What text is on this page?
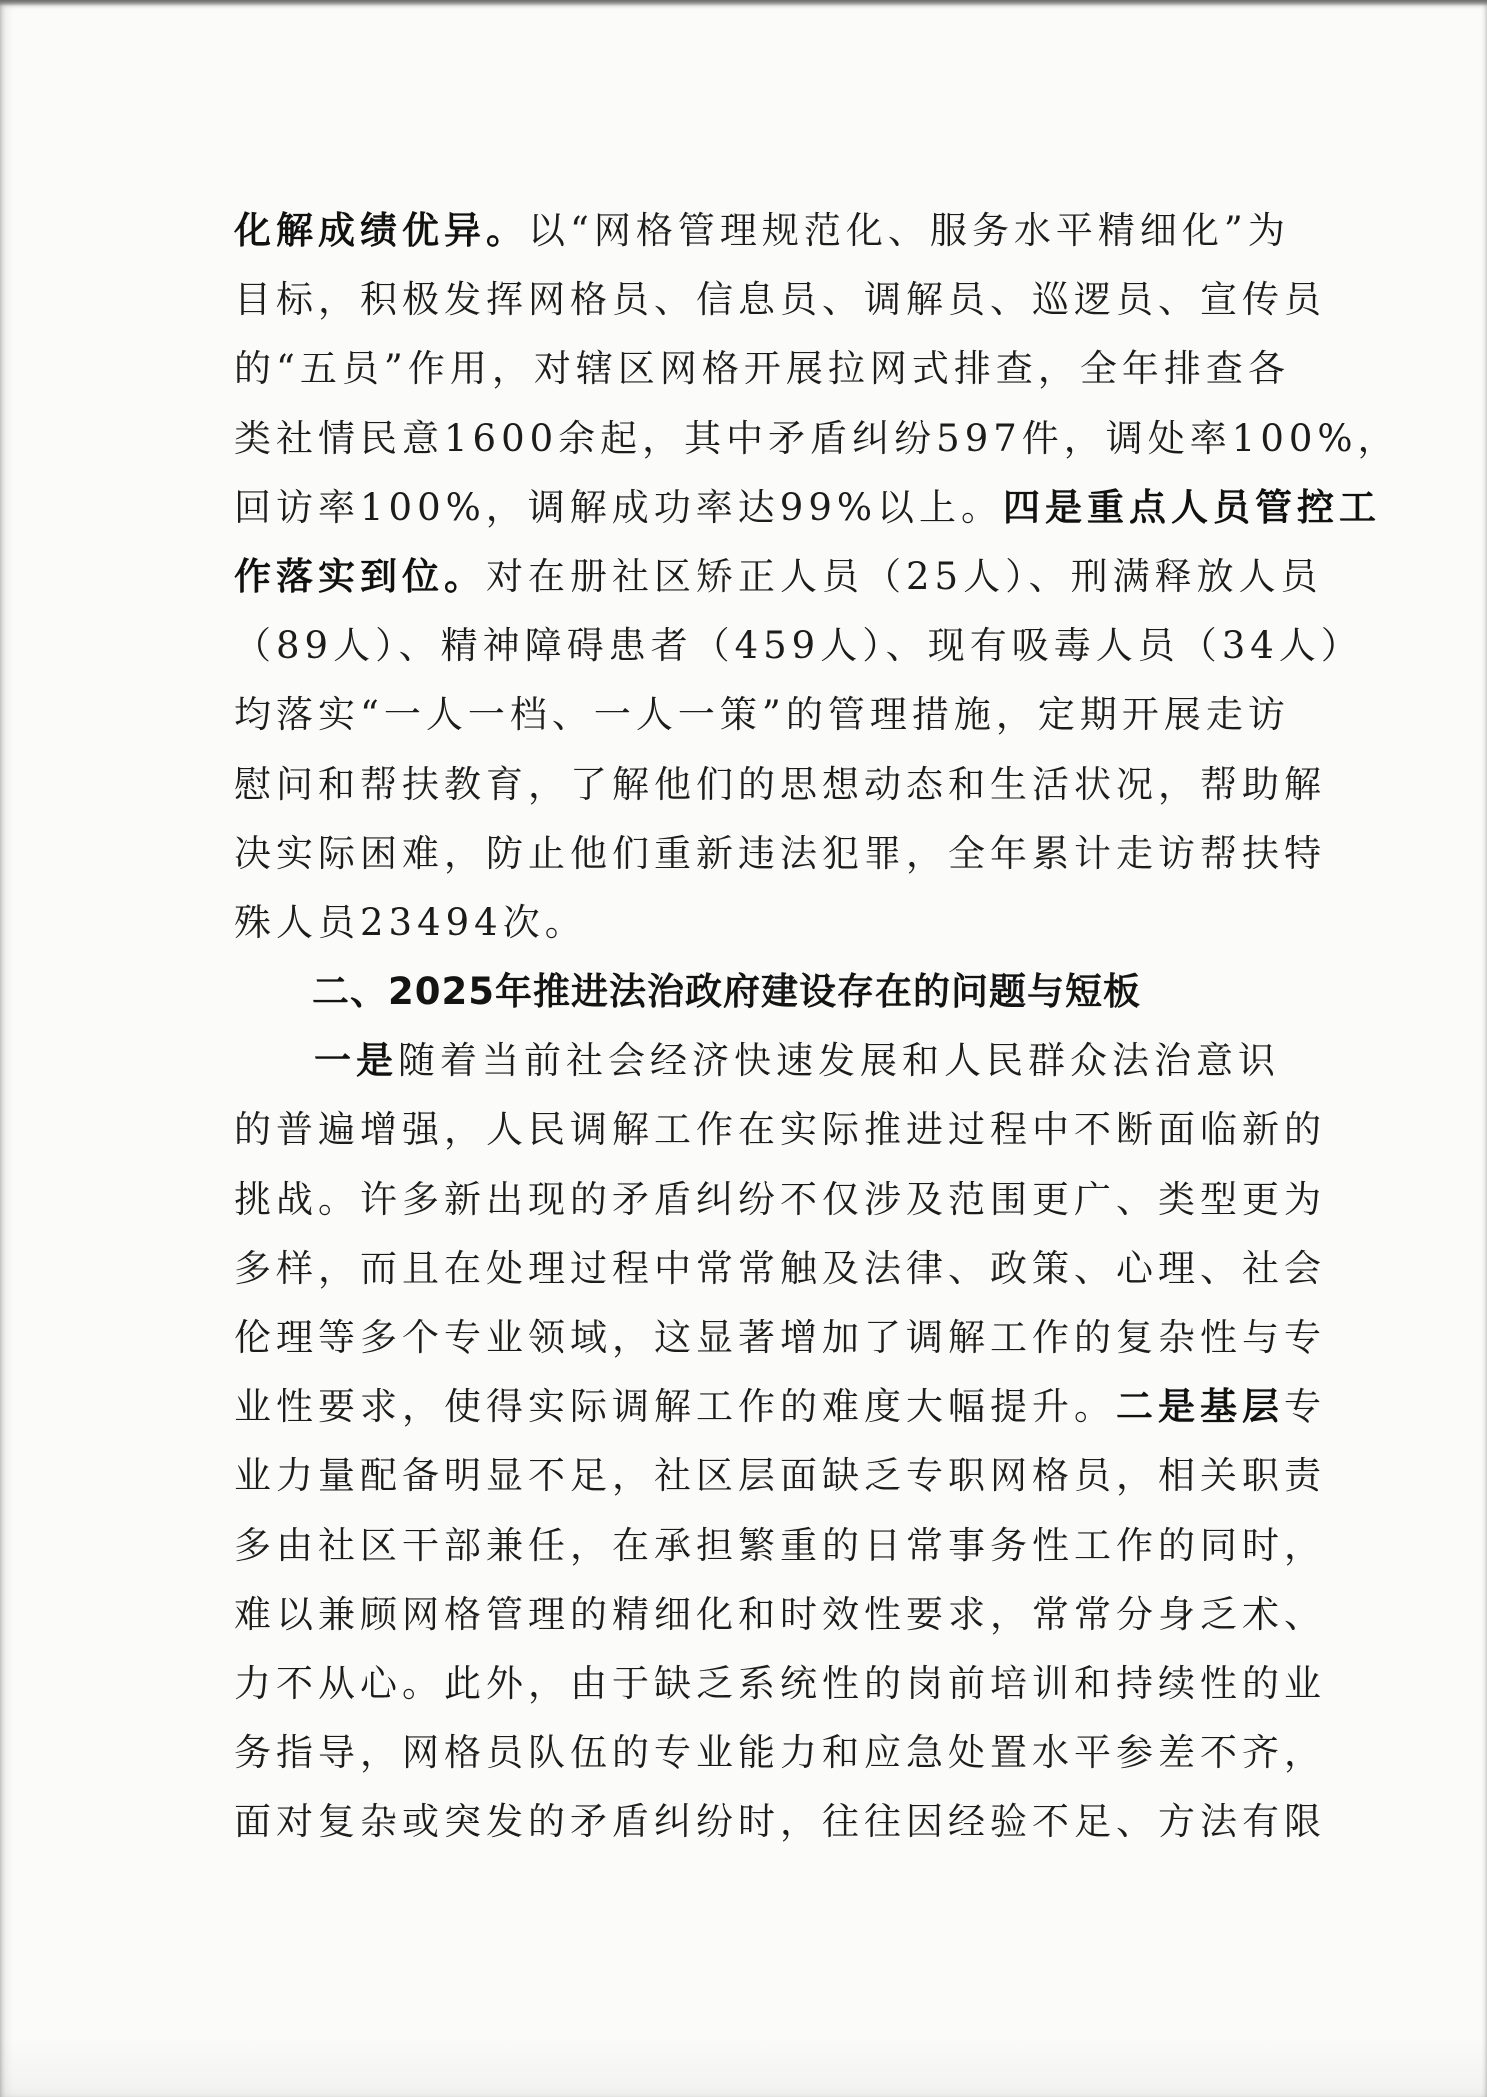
化解成绩优异。以“网格管理规范化、服务水平精细化”为
目标，积极发挥网格员、信息员、调解员、巡逻员、宣传员
的“五员”作用，对辖区网格开展拉网式排查，全年排查各
类社情民意1600余起，其中矛盾纠纷597件，调处率100%，
回访率100%，调解成功率达99%以上。四是重点人员管控工
作落实到位。对在册社区矫正人员（25人）、刑满释放人员
（89人）、精神障碍患者（459人）、现有吸毒人员（34人）
均落实“一人一档、一人一策”的管理措施，定期开展走访
慰问和帮扶教育，了解他们的思想动态和生活状况，帮助解
决实际困难，防止他们重新违法犯罪，全年累计走访帮扶特
殊人员23494次。
二、2025年推进法治政府建设存在的问题与短板
一是随着当前社会经济快速发展和人民群众法治意识
的普遍增强，人民调解工作在实际推进过程中不断面临新的
挑战。许多新出现的矛盾纠纷不仅涉及范围更广、类型更为
多样，而且在处理过程中常常触及法律、政策、心理、社会
伦理等多个专业领域，这显著增加了调解工作的复杂性与专
业性要求，使得实际调解工作的难度大幅提升。二是基层专
业力量配备明显不足，社区层面缺乏专职网格员，相关职责
多由社区干部兼任，在承担繁重的日常事务性工作的同时，
难以兼顾网格管理的精细化和时效性要求，常常分身乏术、
力不从心。此外，由于缺乏系统性的岗前培训和持续性的业
务指导，网格员队伍的专业能力和应急处置水平参差不齐，
面对复杂或突发的矛盾纠纷时，往往因经验不足、方法有限
